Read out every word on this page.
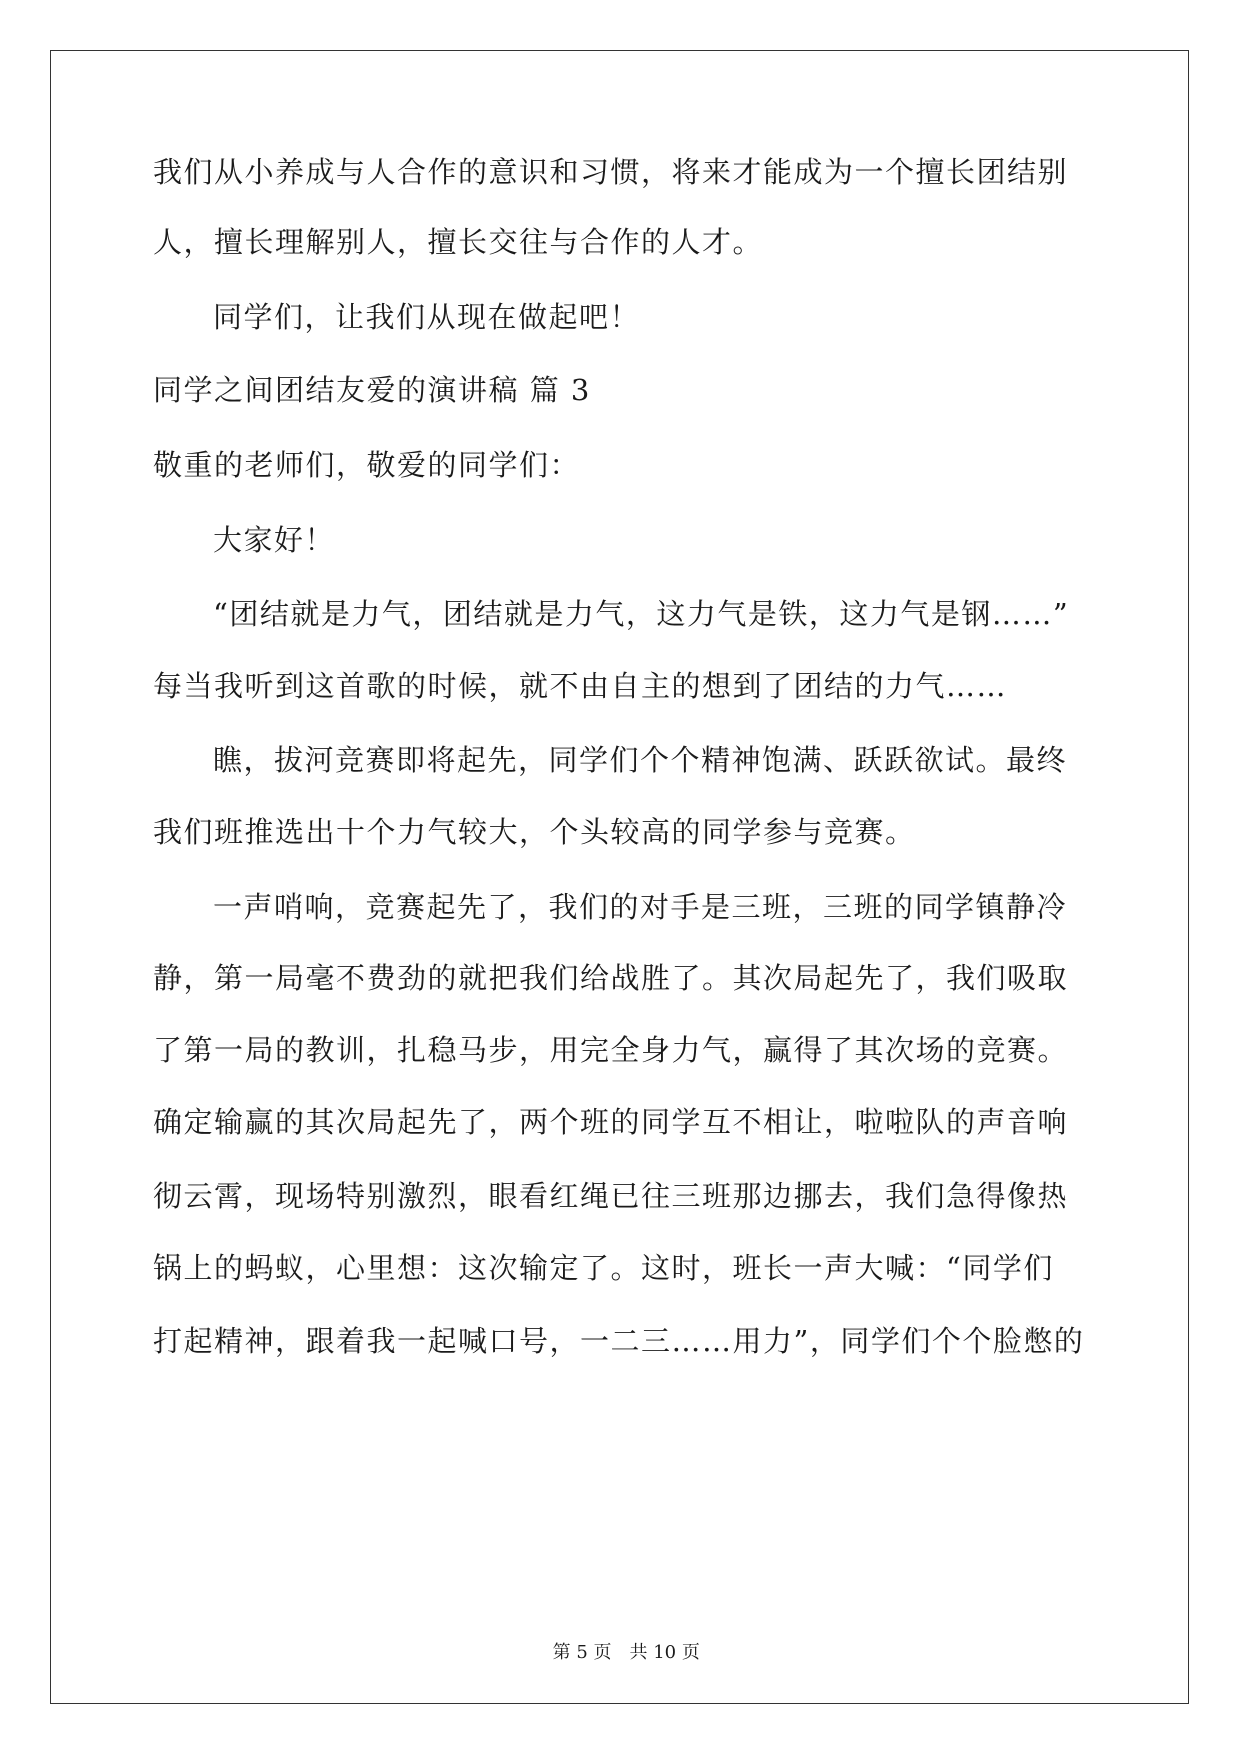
我们从小养成与人合作的意识和习惯，将来才能成为一个擅长团结别
人，擅长理解别人，擅长交往与合作的人才。
同学们，让我们从现在做起吧！
同学之间团结友爱的演讲稿 篇 3
敬重的老师们，敬爱的同学们：
大家好！
“团结就是力气，团结就是力气，这力气是铁，这力气是钢……”
每当我听到这首歌的时候，就不由自主的想到了团结的力气……
瞧，拔河竞赛即将起先，同学们个个精神饱满、跃跃欲试。最终
我们班推选出十个力气较大，个头较高的同学参与竞赛。
一声哨响，竞赛起先了，我们的对手是三班，三班的同学镇静冷
静，第一局毫不费劲的就把我们给战胜了。其次局起先了，我们吸取
了第一局的教训，扎稳马步，用完全身力气，赢得了其次场的竞赛。
确定输赢的其次局起先了，两个班的同学互不相让，啦啦队的声音响
彻云霄，现场特别激烈，眼看红绳已往三班那边挪去，我们急得像热
锅上的蚂蚁，心里想：这次输定了。这时，班长一声大喊：“同学们
打起精神，跟着我一起喊口号，一二三……用力”，同学们个个脸憋的

第 5 页　共 10 页
